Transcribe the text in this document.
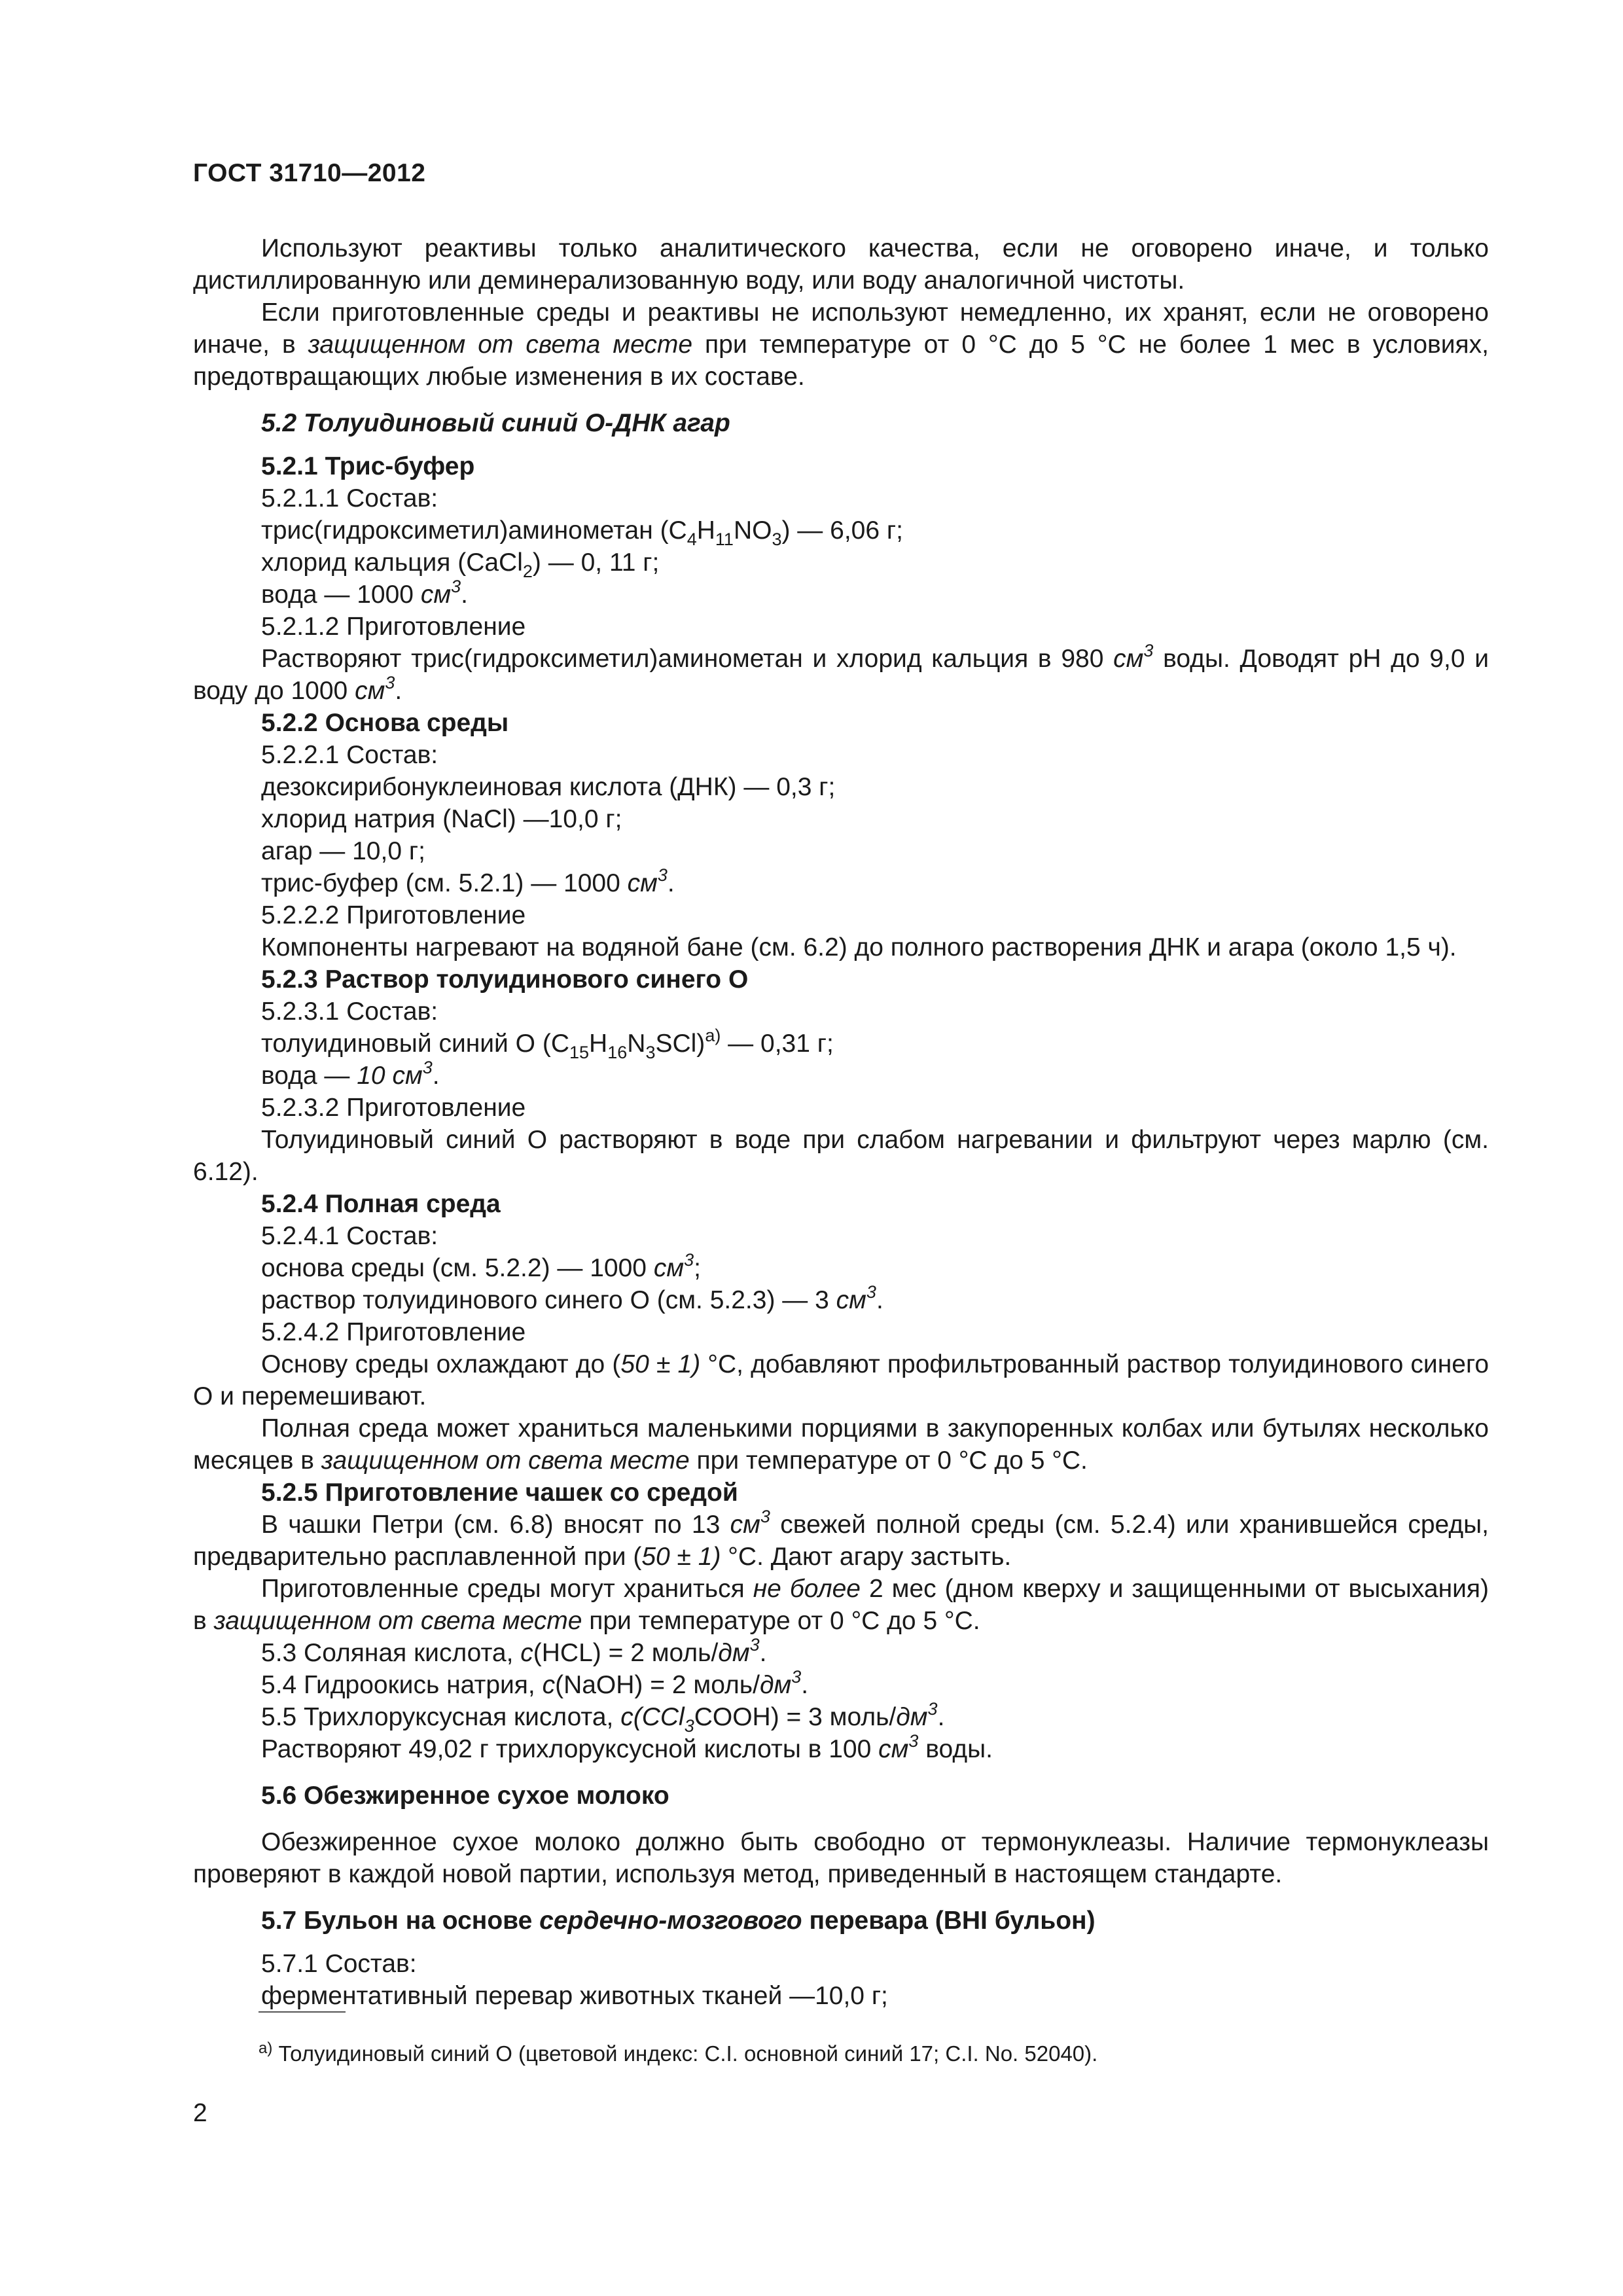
ГОСТ 31710—2012

Используют реактивы только аналитического качества, если не оговорено иначе, и только дистиллированную или деминерализованную воду, или воду аналогичной чистоты.

Если приготовленные среды и реактивы не используют немедленно, их хранят, если не оговорено иначе, в защищенном от света месте при температуре от 0 °С до 5 °С не более 1 мес в условиях, предотвращающих любые изменения в их составе.

5.2 Толуидиновый синий О-ДНК агар

5.2.1 Трис-буфер

5.2.1.1 Состав:

трис(гидроксиметил)аминометан $(C_4H_{11}NO_3)$ — 6,06 г;

хлорид кальция (CaCl$_2$) — 0, 11 г;

вода — 1000 $см^3$.

5.2.1.2 Приготовление

Растворяют трис(гидроксиметил)аминометан и хлорид кальция в 980 $см^3$ воды. Доводят pH до 9,0 и воду до 1000 $см^3$.

5.2.2 Основа среды

5.2.2.1 Состав:

дезоксирибонуклеиновая кислота (ДНК) — 0,3 г;

хлорид натрия (NaCl) —10,0 г;

агар — 10,0 г;

трис-буфер (см. 5.2.1) — 1000 $см^3$.

5.2.2.2 Приготовление

Компоненты нагревают на водяной бане (см. 6.2) до полного растворения ДНК и агара (около 1,5 ч).

5.2.3 Раствор толуидинового синего О

5.2.3.1 Состав:

толуидиновый синий О $(C_{15}H_{16}N_3SCl)^{a)}$ — 0,31 г;

вода — 10 $см^3$.

5.2.3.2 Приготовление

Толуидиновый синий О растворяют в воде при слабом нагревании и фильтруют через марлю (см. 6.12).

5.2.4 Полная среда

5.2.4.1 Состав:

основа среды (см. 5.2.2) — 1000 $см^3$;

раствор толуидинового синего О (см. 5.2.3) — 3 $см^3$.

5.2.4.2 Приготовление

Основу среды охлаждают до (50 ± 1) °С, добавляют профильтрованный раствор толуидинового синего О и перемешивают.

Полная среда может храниться маленькими порциями в закупоренных колбах или бутылях несколько месяцев в защищенном от света месте при температуре от 0 °С до 5 °С.

5.2.5 Приготовление чашек со средой

В чашки Петри (см. 6.8) вносят по 13 $см^3$ свежей полной среды (см. 5.2.4) или хранившейся среды, предварительно расплавленной при (50 ± 1) °С. Дают агару застыть.

Приготовленные среды могут храниться не более 2 мес (дном кверху и защищенными от высыхания) в защищенном от света месте при температуре от 0 °С до 5 °С.

5.3 Соляная кислота, c(HCL) = 2 моль/$дм^3$.

5.4 Гидроокись натрия, c(NaOH) = 2 моль/$дм^3$.

5.5 Трихлоруксусная кислота, c(CCl$_3$COOH) = 3 моль/$дм^3$.

Растворяют 49,02 г трихлоруксусной кислоты в 100 $см^3$ воды.

5.6 Обезжиренное сухое молоко

Обезжиренное сухое молоко должно быть свободно от термонуклеазы. Наличие термонуклеазы проверяют в каждой новой партии, используя метод, приведенный в настоящем стандарте.

5.7 Бульон на основе сердечно-мозгового перевара (BHI бульон)

5.7.1 Состав:

ферментативный перевар животных тканей —10,0 г;

$^{a)}$ Толуидиновый синий О (цветовой индекс: C.I. основной синий 17; C.I. No. 52040).
2
